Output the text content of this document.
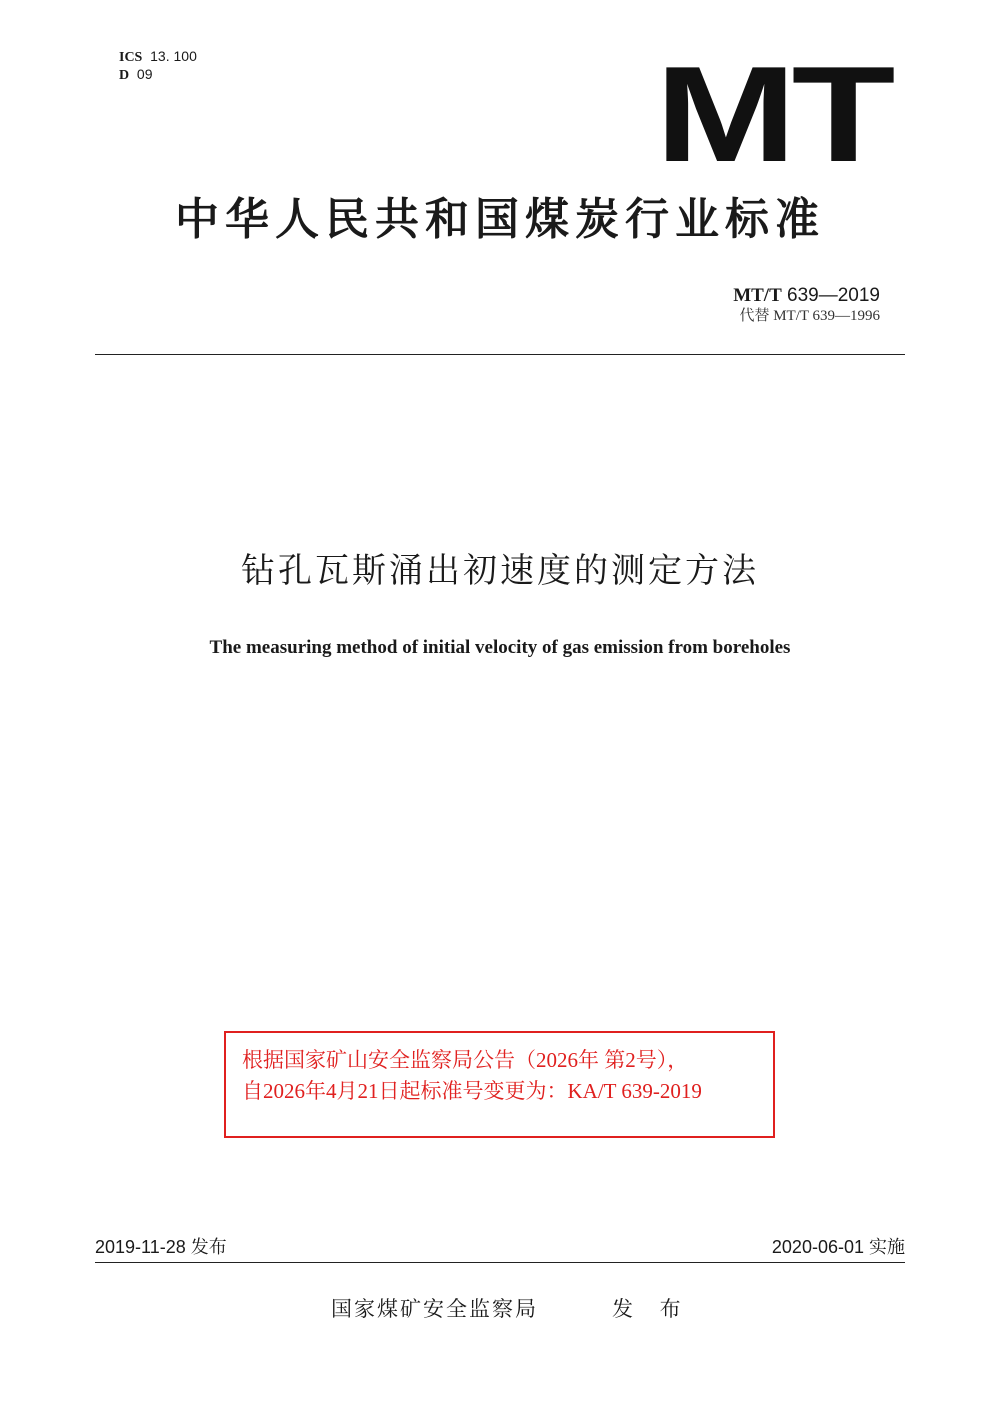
ICS 13. 100
D 09	MT
中华人民共和国煤炭行业标准
MT/T 639—2019
代替 MT/T 639—1996
钻孔瓦斯涌出初速度的测定方法
The measuring method of initial velocity of gas emission from boreholes
根据国家矿山安全监察局公告（2026年 第2号），
自2026年4月21日起标准号变更为：KA/T 639-2019
2019-11-28 发布	2020-06-01 实施
国家煤矿安全监察局	发 布
